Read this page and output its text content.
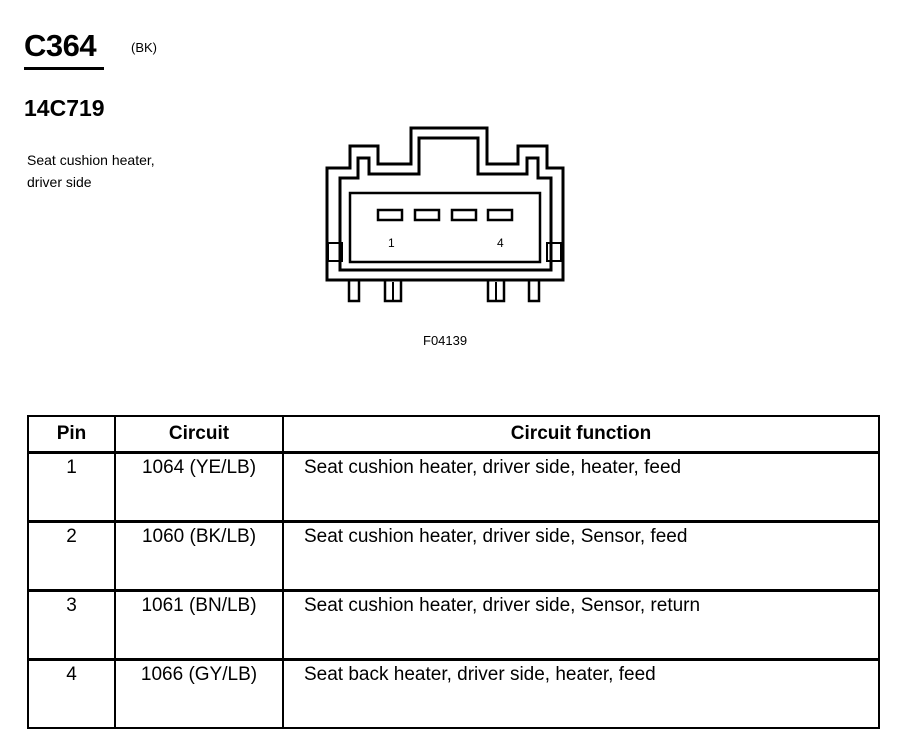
C364	(BK)
14C719
Seat cushion heater,
driver side
1	4
F04139
Pin	Circuit	Circuit function
1	1064 (YE/LB)	Seat cushion heater, driver side, heater, feed
2	1060 (BK/LB)	Seat cushion heater, driver side, Sensor, feed
3	1061 (BN/LB)	Seat cushion heater, driver side, Sensor, return
4	1066 (GY/LB)	Seat back heater, driver side, heater, feed
